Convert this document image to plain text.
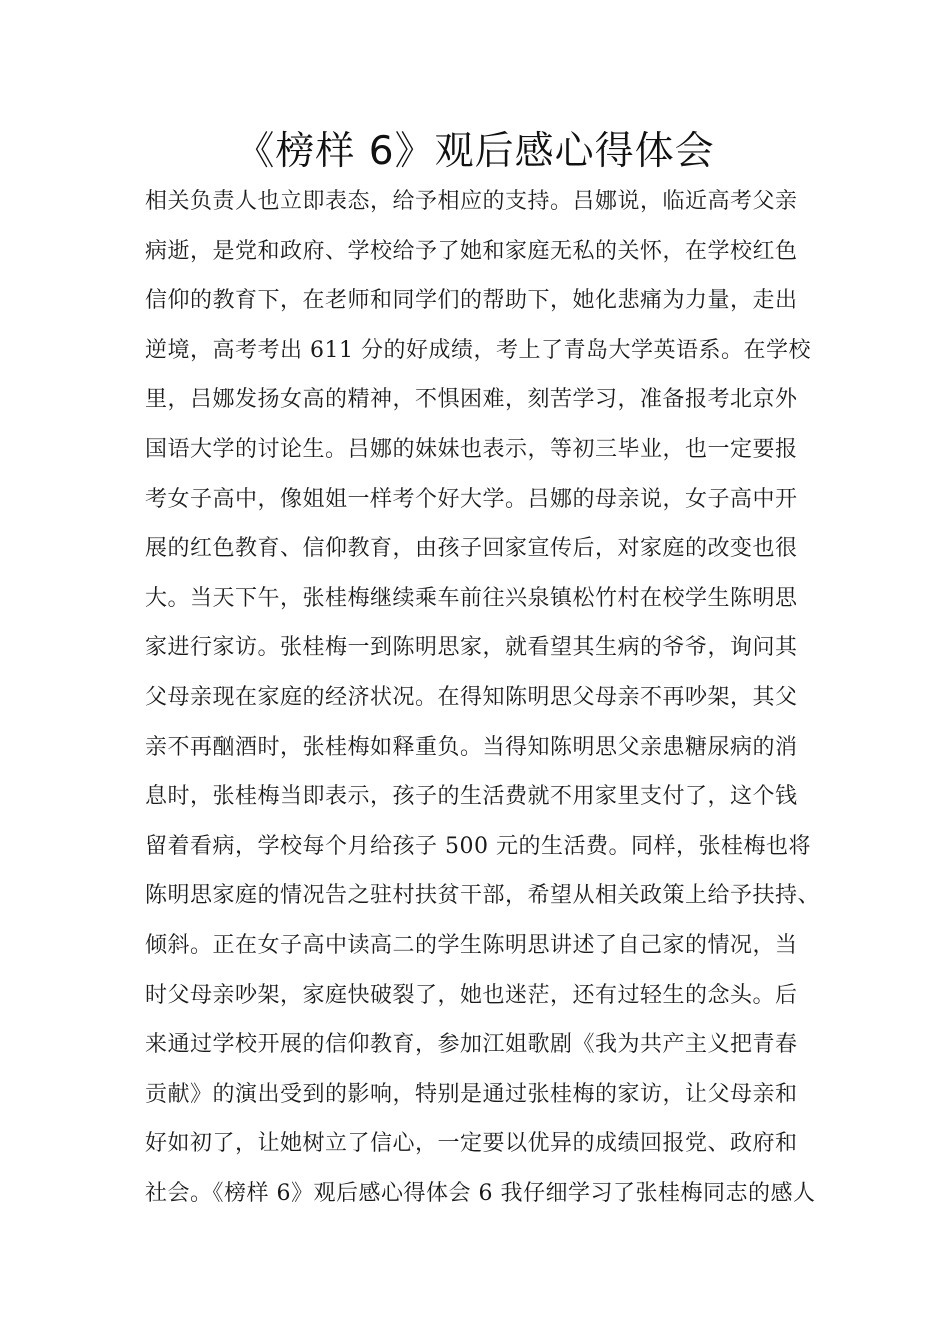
《榜样 6》观后感心得体会
相关负责人也立即表态，给予相应的支持。吕娜说，临近高考父亲
病逝，是党和政府、学校给予了她和家庭无私的关怀，在学校红色
信仰的教育下，在老师和同学们的帮助下，她化悲痛为力量，走出
逆境，高考考出 611 分的好成绩，考上了青岛大学英语系。在学校
里，吕娜发扬女高的精神，不惧困难，刻苦学习，准备报考北京外
国语大学的讨论生。吕娜的妹妹也表示，等初三毕业，也一定要报
考女子高中，像姐姐一样考个好大学。吕娜的母亲说，女子高中开
展的红色教育、信仰教育，由孩子回家宣传后，对家庭的改变也很
大。当天下午，张桂梅继续乘车前往兴泉镇松竹村在校学生陈明思
家进行家访。张桂梅一到陈明思家，就看望其生病的爷爷，询问其
父母亲现在家庭的经济状况。在得知陈明思父母亲不再吵架，其父
亲不再酗酒时，张桂梅如释重负。当得知陈明思父亲患糖尿病的消
息时，张桂梅当即表示，孩子的生活费就不用家里支付了，这个钱
留着看病，学校每个月给孩子 500 元的生活费。同样，张桂梅也将
陈明思家庭的情况告之驻村扶贫干部，希望从相关政策上给予扶持、
倾斜。正在女子高中读高二的学生陈明思讲述了自己家的情况，当
时父母亲吵架，家庭快破裂了，她也迷茫，还有过轻生的念头。后
来通过学校开展的信仰教育，参加江姐歌剧《我为共产主义把青春
贡献》的演出受到的影响，特别是通过张桂梅的家访，让父母亲和
好如初了，让她树立了信心，一定要以优异的成绩回报党、政府和
社会。《榜样 6》观后感心得体会 6 我仔细学习了张桂梅同志的感人
